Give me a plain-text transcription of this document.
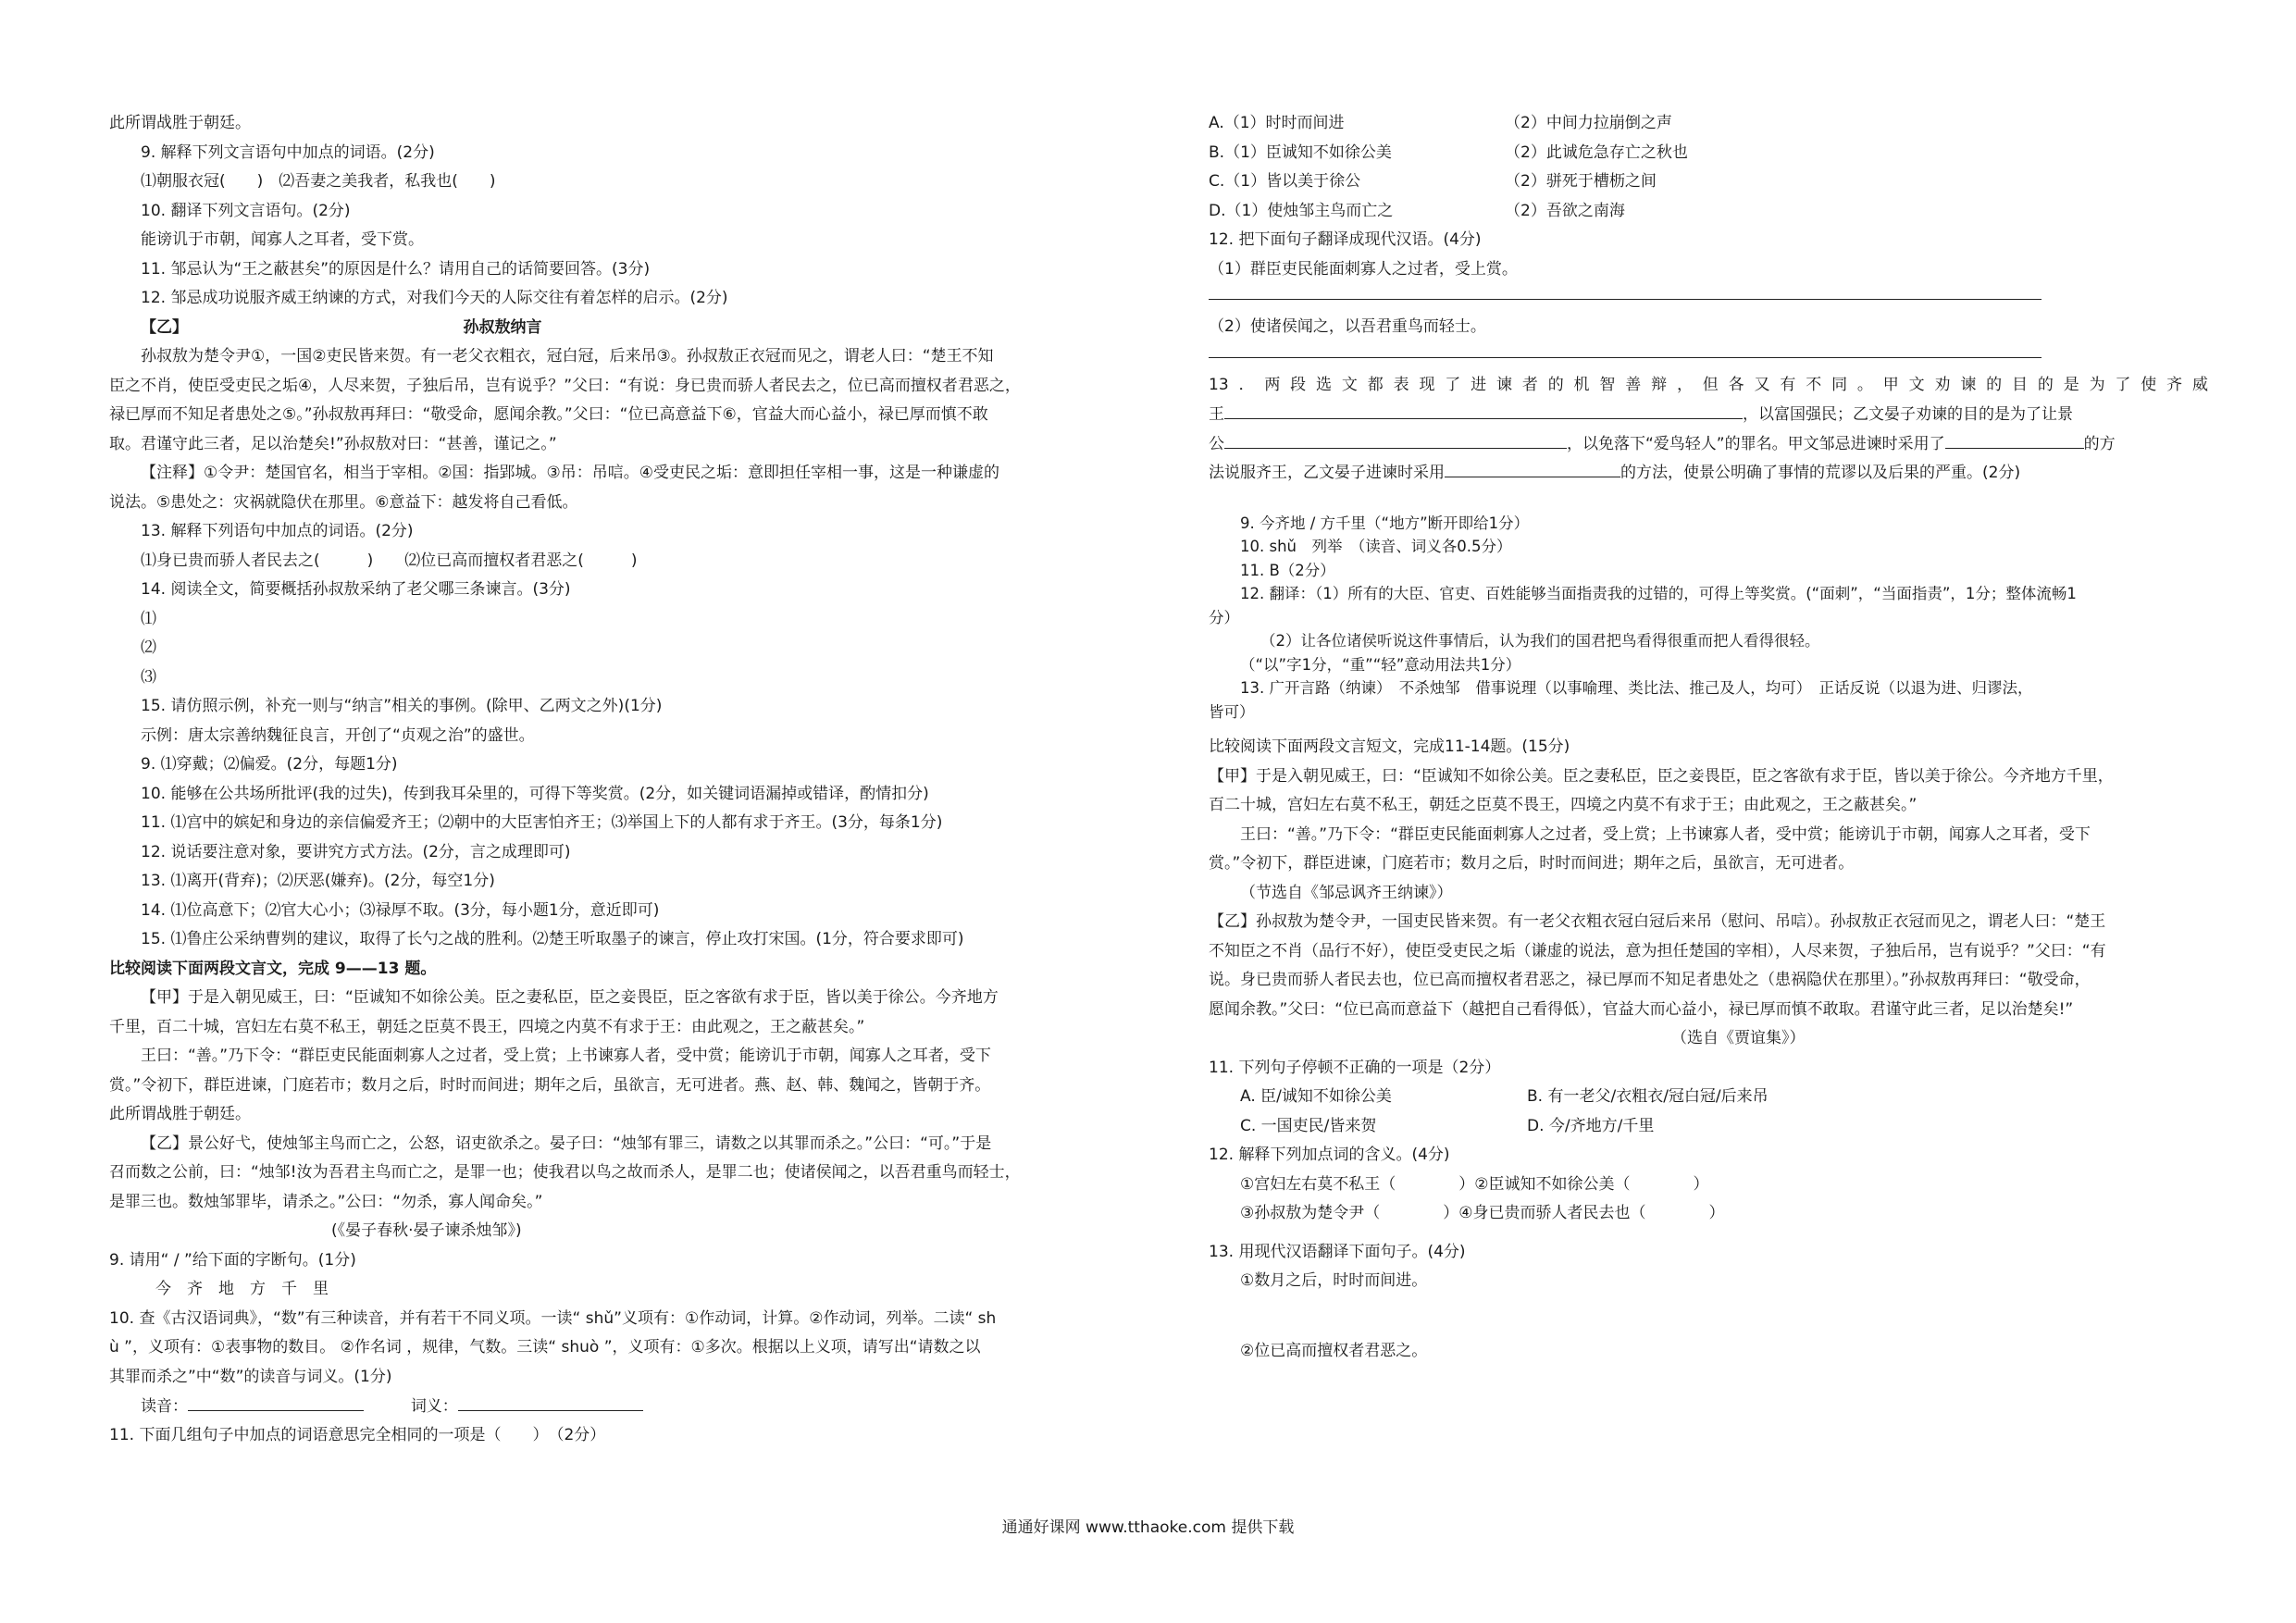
此所谓战胜于朝廷。
9. 解释下列文言语句中加点的词语。(2分)
⑴朝服衣冠(　　)　⑵吾妻之美我者，私我也(　　)
10. 翻译下列文言语句。(2分)
能谤讥于市朝，闻寡人之耳者，受下赏。
11. 邹忌认为“王之蔽甚矣”的原因是什么？请用自己的话简要回答。(3分)
12. 邹忌成功说服齐威王纳谏的方式，对我们今天的人际交往有着怎样的启示。(2分)
【乙】　　　　　　　　　　　　　　　　　　孙叔敖纳言
孙叔敖为楚令尹①，一国②吏民皆来贺。有一老父衣粗衣，冠白冠，后来吊③。孙叔敖正衣冠而见之，谓老人曰：“楚王不知
臣之不肖，使臣受吏民之垢④，人尽来贺，子独后吊，岂有说乎？”父曰：“有说：身已贵而骄人者民去之，位已高而擅权者君恶之，
禄已厚而不知足者患处之⑤。”孙叔敖再拜曰：“敬受命，愿闻余教。”父曰：“位已高意益下⑥，官益大而心益小，禄已厚而慎不敢
取。君谨守此三者，足以治楚矣!”孙叔敖对曰：“甚善，谨记之。”
【注释】①令尹：楚国官名，相当于宰相。②国：指郢城。③吊：吊唁。④受吏民之垢：意即担任宰相一事，这是一种谦虚的
说法。⑤患处之：灾祸就隐伏在那里。⑥意益下：越发将自己看低。
13. 解释下列语句中加点的词语。(2分)
⑴身已贵而骄人者民去之(　　　)　　⑵位已高而擅权者君恶之(　　　)
14. 阅读全文，简要概括孙叔敖采纳了老父哪三条谏言。(3分)
⑴
⑵
⑶
15. 请仿照示例，补充一则与“纳言”相关的事例。(除甲、乙两文之外)(1分)
示例：唐太宗善纳魏征良言，开创了“贞观之治”的盛世。
9. ⑴穿戴；⑵偏爱。(2分，每题1分)
10. 能够在公共场所批评(我的过失)，传到我耳朵里的，可得下等奖赏。(2分，如关键词语漏掉或错译，酌情扣分)
11. ⑴宫中的嫔妃和身边的亲信偏爱齐王；⑵朝中的大臣害怕齐王；⑶举国上下的人都有求于齐王。(3分，每条1分)
12. 说话要注意对象，要讲究方式方法。(2分，言之成理即可)
13. ⑴离开(背弃)；⑵厌恶(嫌弃)。(2分，每空1分)
14. ⑴位高意下；⑵官大心小；⑶禄厚不取。(3分，每小题1分，意近即可)
15. ⑴鲁庄公采纳曹刿的建议，取得了长勺之战的胜利。⑵楚王听取墨子的谏言，停止攻打宋国。(1分，符合要求即可)
比较阅读下面两段文言文，完成 9——13 题。
【甲】于是入朝见威王，曰：“臣诚知不如徐公美。臣之妻私臣，臣之妾畏臣，臣之客欲有求于臣，皆以美于徐公。今齐地方
千里，百二十城，宫妇左右莫不私王，朝廷之臣莫不畏王，四境之内莫不有求于王：由此观之，王之蔽甚矣。”
王曰：“善。”乃下令：“群臣吏民能面刺寡人之过者，受上赏；上书谏寡人者，受中赏；能谤讥于市朝，闻寡人之耳者，受下
赏。”令初下，群臣进谏，门庭若市；数月之后，时时而间进；期年之后，虽欲言，无可进者。燕、赵、韩、魏闻之，皆朝于齐。
此所谓战胜于朝廷。
【乙】景公好弋，使烛邹主鸟而亡之，公怒，诏吏欲杀之。晏子曰：“烛邹有罪三，请数之以其罪而杀之。”公曰：“可。”于是
召而数之公前，曰：“烛邹!汝为吾君主鸟而亡之，是罪一也；使我君以鸟之故而杀人，是罪二也；使诸侯闻之，以吾君重鸟而轻士，
是罪三也。数烛邹罪毕，请杀之。”公曰：“勿杀，寡人闻命矣。”
(《晏子春秋·晏子谏杀烛邹》)
9. 请用“ / ”给下面的字断句。(1分)
今　齐　地　方　千　里
10. 查《古汉语词典》，“数”有三种读音，并有若干不同义项。一读“ shǔ”义项有：①作动词，计算。②作动词，列举。二读“ sh
ù ”，义项有：①表事物的数目。 ②作名词 ，规律，气数。三读“ shuò ”，义项有：①多次。根据以上义项，请写出“请数之以
其罪而杀之”中“数”的读音与词义。(1分)
读音：	词义：
11. 下面几组句子中加点的词语意思完全相同的一项是（　　）　（2分）
A.（1）时时而间进	（2）中间力拉崩倒之声
B.（1）臣诚知不如徐公美	（2）此诚危急存亡之秋也
C.（1）皆以美于徐公	（2）骈死于槽枥之间
D.（1）使烛邹主鸟而亡之	（2）吾欲之南海
12. 把下面句子翻译成现代汉语。(4分)
（1）群臣吏民能面刺寡人之过者，受上赏。
（2）使诸侯闻之，以吾君重鸟而轻士。
13．两段选文都表现了进谏者的机智善辩，但各又有不同。甲文劝谏的目的是为了使齐威
王	，以富国强民；乙文晏子劝谏的目的是为了让景
公	，以免落下“爱鸟轻人”的罪名。甲文邹忌进谏时采用了	的方
法说服齐王，乙文晏子进谏时采用	的方法，使景公明确了事情的荒谬以及后果的严重。(2分)
9. 今齐地 / 方千里（“地方”断开即给1分）
10. shǔ　列举　（读音、词义各0.5分）
11. B（2分）
12. 翻译：（1）所有的大臣、官吏、百姓能够当面指责我的过错的，可得上等奖赏。(“面刺”，“当面指责”，1分；整体流畅1
分）
（2）让各位诸侯听说这件事情后，认为我们的国君把鸟看得很重而把人看得很轻。
（“以”字1分，“重”“轻”意动用法共1分）
13. 广开言路（纳谏）　不杀烛邹　借事说理（以事喻理、类比法、推己及人，均可）　正话反说（以退为进、归谬法，
皆可）
比较阅读下面两段文言短文，完成11-14题。(15分)
【甲】于是入朝见威王，曰：“臣诚知不如徐公美。臣之妻私臣，臣之妾畏臣，臣之客欲有求于臣，皆以美于徐公。今齐地方千里，
百二十城，宫妇左右莫不私王，朝廷之臣莫不畏王，四境之内莫不有求于王；由此观之，王之蔽甚矣。”
王曰：“善。”乃下令：“群臣吏民能面刺寡人之过者，受上赏；上书谏寡人者，受中赏；能谤讥于市朝，闻寡人之耳者，受下
赏。”令初下，群臣进谏，门庭若市；数月之后，时时而间进；期年之后，虽欲言，无可进者。
（节选自《邹忌讽齐王纳谏》）
【乙】孙叔敖为楚令尹，一国吏民皆来贺。有一老父衣粗衣冠白冠后来吊（慰问、吊唁）。孙叔敖正衣冠而见之，谓老人曰：“楚王
不知臣之不肖（品行不好），使臣受吏民之垢（谦虚的说法，意为担任楚国的宰相），人尽来贺，子独后吊，岂有说乎？”父曰：“有
说。身已贵而骄人者民去也，位已高而擅权者君恶之，禄已厚而不知足者患处之（患祸隐伏在那里）。”孙叔敖再拜曰：“敬受命，
愿闻余教。”父曰：“位已高而意益下（越把自己看得低），官益大而心益小，禄已厚而慎不敢取。君谨守此三者，足以治楚矣!”
（选自《贾谊集》）
11. 下列句子停顿不正确的一项是（2分）
A. 臣/诚知不如徐公美	B. 有一老父/衣粗衣/冠白冠/后来吊
C. 一国吏民/皆来贺	D. 今/齐地方/千里
12. 解释下列加点词的含义。(4分)
①宫妇左右莫不私王（　　　　）②臣诚知不如徐公美（　　　　）
③孙叔敖为楚令尹（　　　　）④身已贵而骄人者民去也（　　　　）
13. 用现代汉语翻译下面句子。(4分)
①数月之后，时时而间进。
②位已高而擅权者君恶之。
通通好课网 www.tthaoke.com 提供下载
